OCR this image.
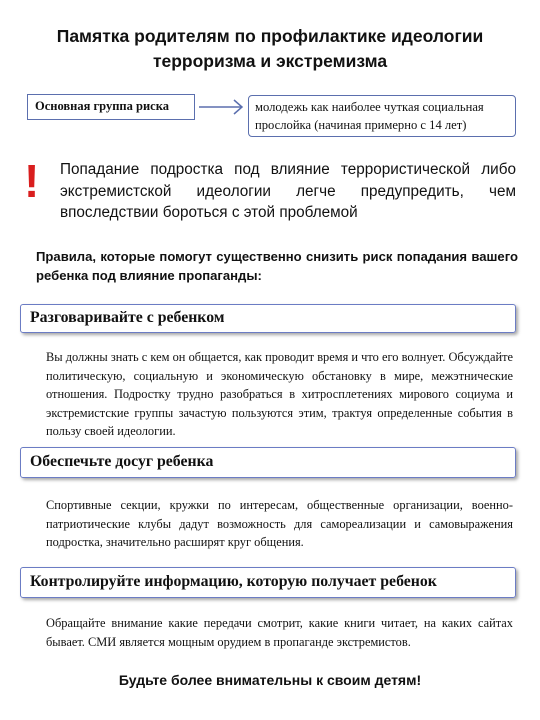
Памятка родителям по профилактике идеологии терроризма и экстремизма
Основная группа риска	молодежь как наиболее чуткая социальная прослойка (начиная примерно с 14 лет)
! Попадание подростка под влияние террористической либо экстремистской идеологии легче предупредить, чем впоследствии бороться с этой проблемой

Правила, которые помогут существенно снизить риск попадания вашего ребенка под влияние пропаганды:

Разговаривайте с ребенком

Вы должны знать с кем он общается, как проводит время и что его волнует. Обсуждайте политическую, социальную и экономическую обстановку в мире, межэтнические отношения. Подростку трудно разобраться в хитросплетениях мирового социума и экстремистские группы зачастую пользуются этим, трактуя определенные события в пользу своей идеологии.

Обеспечьте досуг ребенка

Спортивные секции, кружки по интересам, общественные организации, военно-патриотические клубы дадут возможность для самореализации и самовыражения подростка, значительно расширят круг общения.

Контролируйте информацию, которую получает ребенок

Обращайте внимание какие передачи смотрит, какие книги читает, на каких сайтах бывает. СМИ является мощным орудием в пропаганде экстремистов.

Будьте более внимательны к своим детям!
